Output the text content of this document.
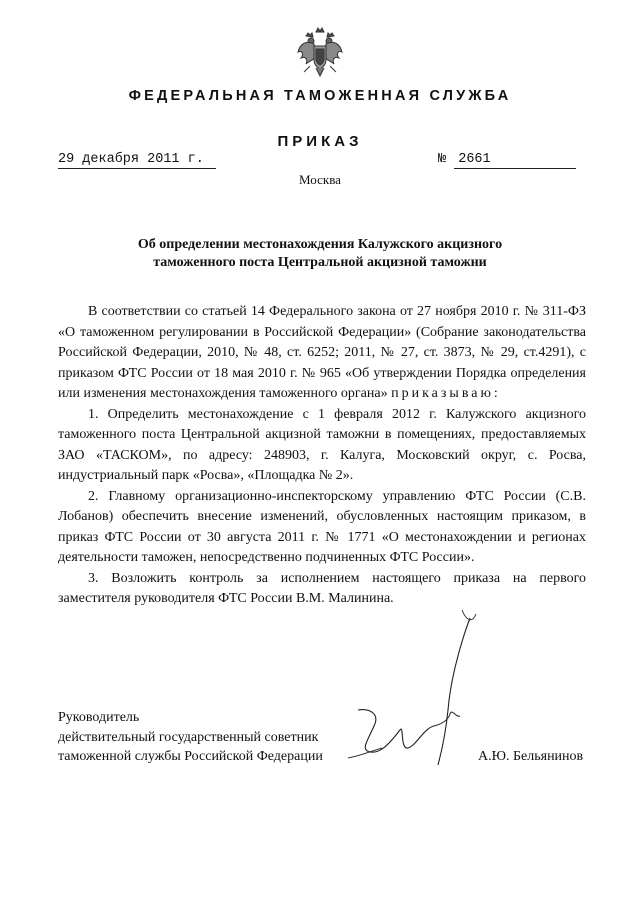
ФЕДЕРАЛЬНАЯ ТАМОЖЕННАЯ СЛУЖБА
ПРИКАЗ
29 декабря 2011 г.	№ 2661
Москва
Об определении местонахождения Калужского акцизного
таможенного поста Центральной акцизной таможни

В соответствии со статьей 14 Федерального закона от 27 ноября 2010 г. № 311-ФЗ «О таможенном регулировании в Российской Федерации» (Собрание законодательства Российской Федерации, 2010, № 48, ст. 6252; 2011, № 27, ст. 3873, № 29, ст.4291), с приказом ФТС России от 18 мая 2010 г. № 965 «Об утверждении Порядка определения или изменения местонахождения таможенного органа» приказываю:

1. Определить местонахождение с 1 февраля 2012 г. Калужского акцизного таможенного поста Центральной акцизной таможни в помещениях, предоставляемых ЗАО «ТАСКОМ», по адресу: 248903, г. Калуга, Московский округ, с. Росва, индустриальный парк «Росва», «Площадка № 2».

2. Главному организационно-инспекторскому управлению ФТС России (С.В. Лобанов) обеспечить внесение изменений, обусловленных настоящим приказом, в приказ ФТС России от 30 августа 2011 г. № 1771 «О местонахождении и регионах деятельности таможен, непосредственно подчиненных ФТС России».

3. Возложить контроль за исполнением настоящего приказа на первого заместителя руководителя ФТС России В.М. Малинина.

Руководитель
действительный государственный советник
таможенной службы Российской Федерации	А.Ю. Бельянинов
